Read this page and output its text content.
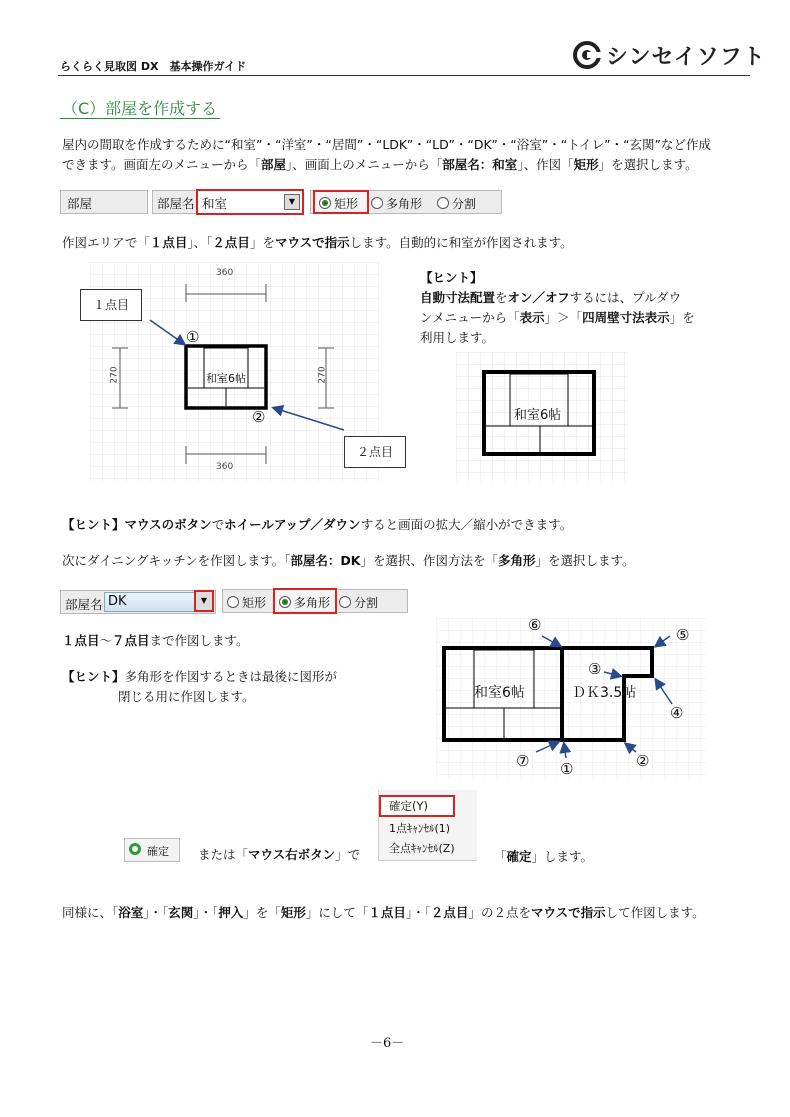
らくらく見取図 DX　基本操作ガイド	シンセイソフト
（C）部屋を作成する
屋内の間取を作成するために“和室”・“洋室”・“居間”・“LDK”・“LD”・“DK”・“浴室”・“トイレ”・“玄関”など作成
できます。画面左のメニューから「部屋」、画面上のメニューから「部屋名：和室」、作図「矩形」を選択します。
部屋	部屋名 和室	▼	矩形	多角形	分割
作図エリアで「１点目」、「２点目」をマウスで指示します。自動的に和室が作図されます。
360
360
270	270
和室6帖
１点目
２点目
①
②
【ヒント】
自動寸法配置をオン／オフするには、プルダウ
ンメニューから「表示」＞「四周壁寸法表示」を
利用します。
和室6帖
【ヒント】マウスのボタンでホイールアップ／ダウンすると画面の拡大／縮小ができます。
次にダイニングキッチンを作図します。「部屋名：DK」を選択、作図方法を「多角形」を選択します。
部屋名 DK	▼	矩形	多角形	分割
１点目～７点目まで作図します。
【ヒント】多角形を作図するときは最後に図形が
閉じる用に作図します。	和室6帖	ＤＫ3.5帖
⑥
⑤
③
④
②
⑦ ①
確定 または「マウス右ボタン」で
確定(Y)
1点ｷｬﾝｾﾙ(1)
全点ｷｬﾝｾﾙ(Z)
「確定」します。
同様に、「浴室」・「玄関」・「押入」を「矩形」にして「１点目」・「２点目」の２点をマウスで指示して作図します。
－6－
